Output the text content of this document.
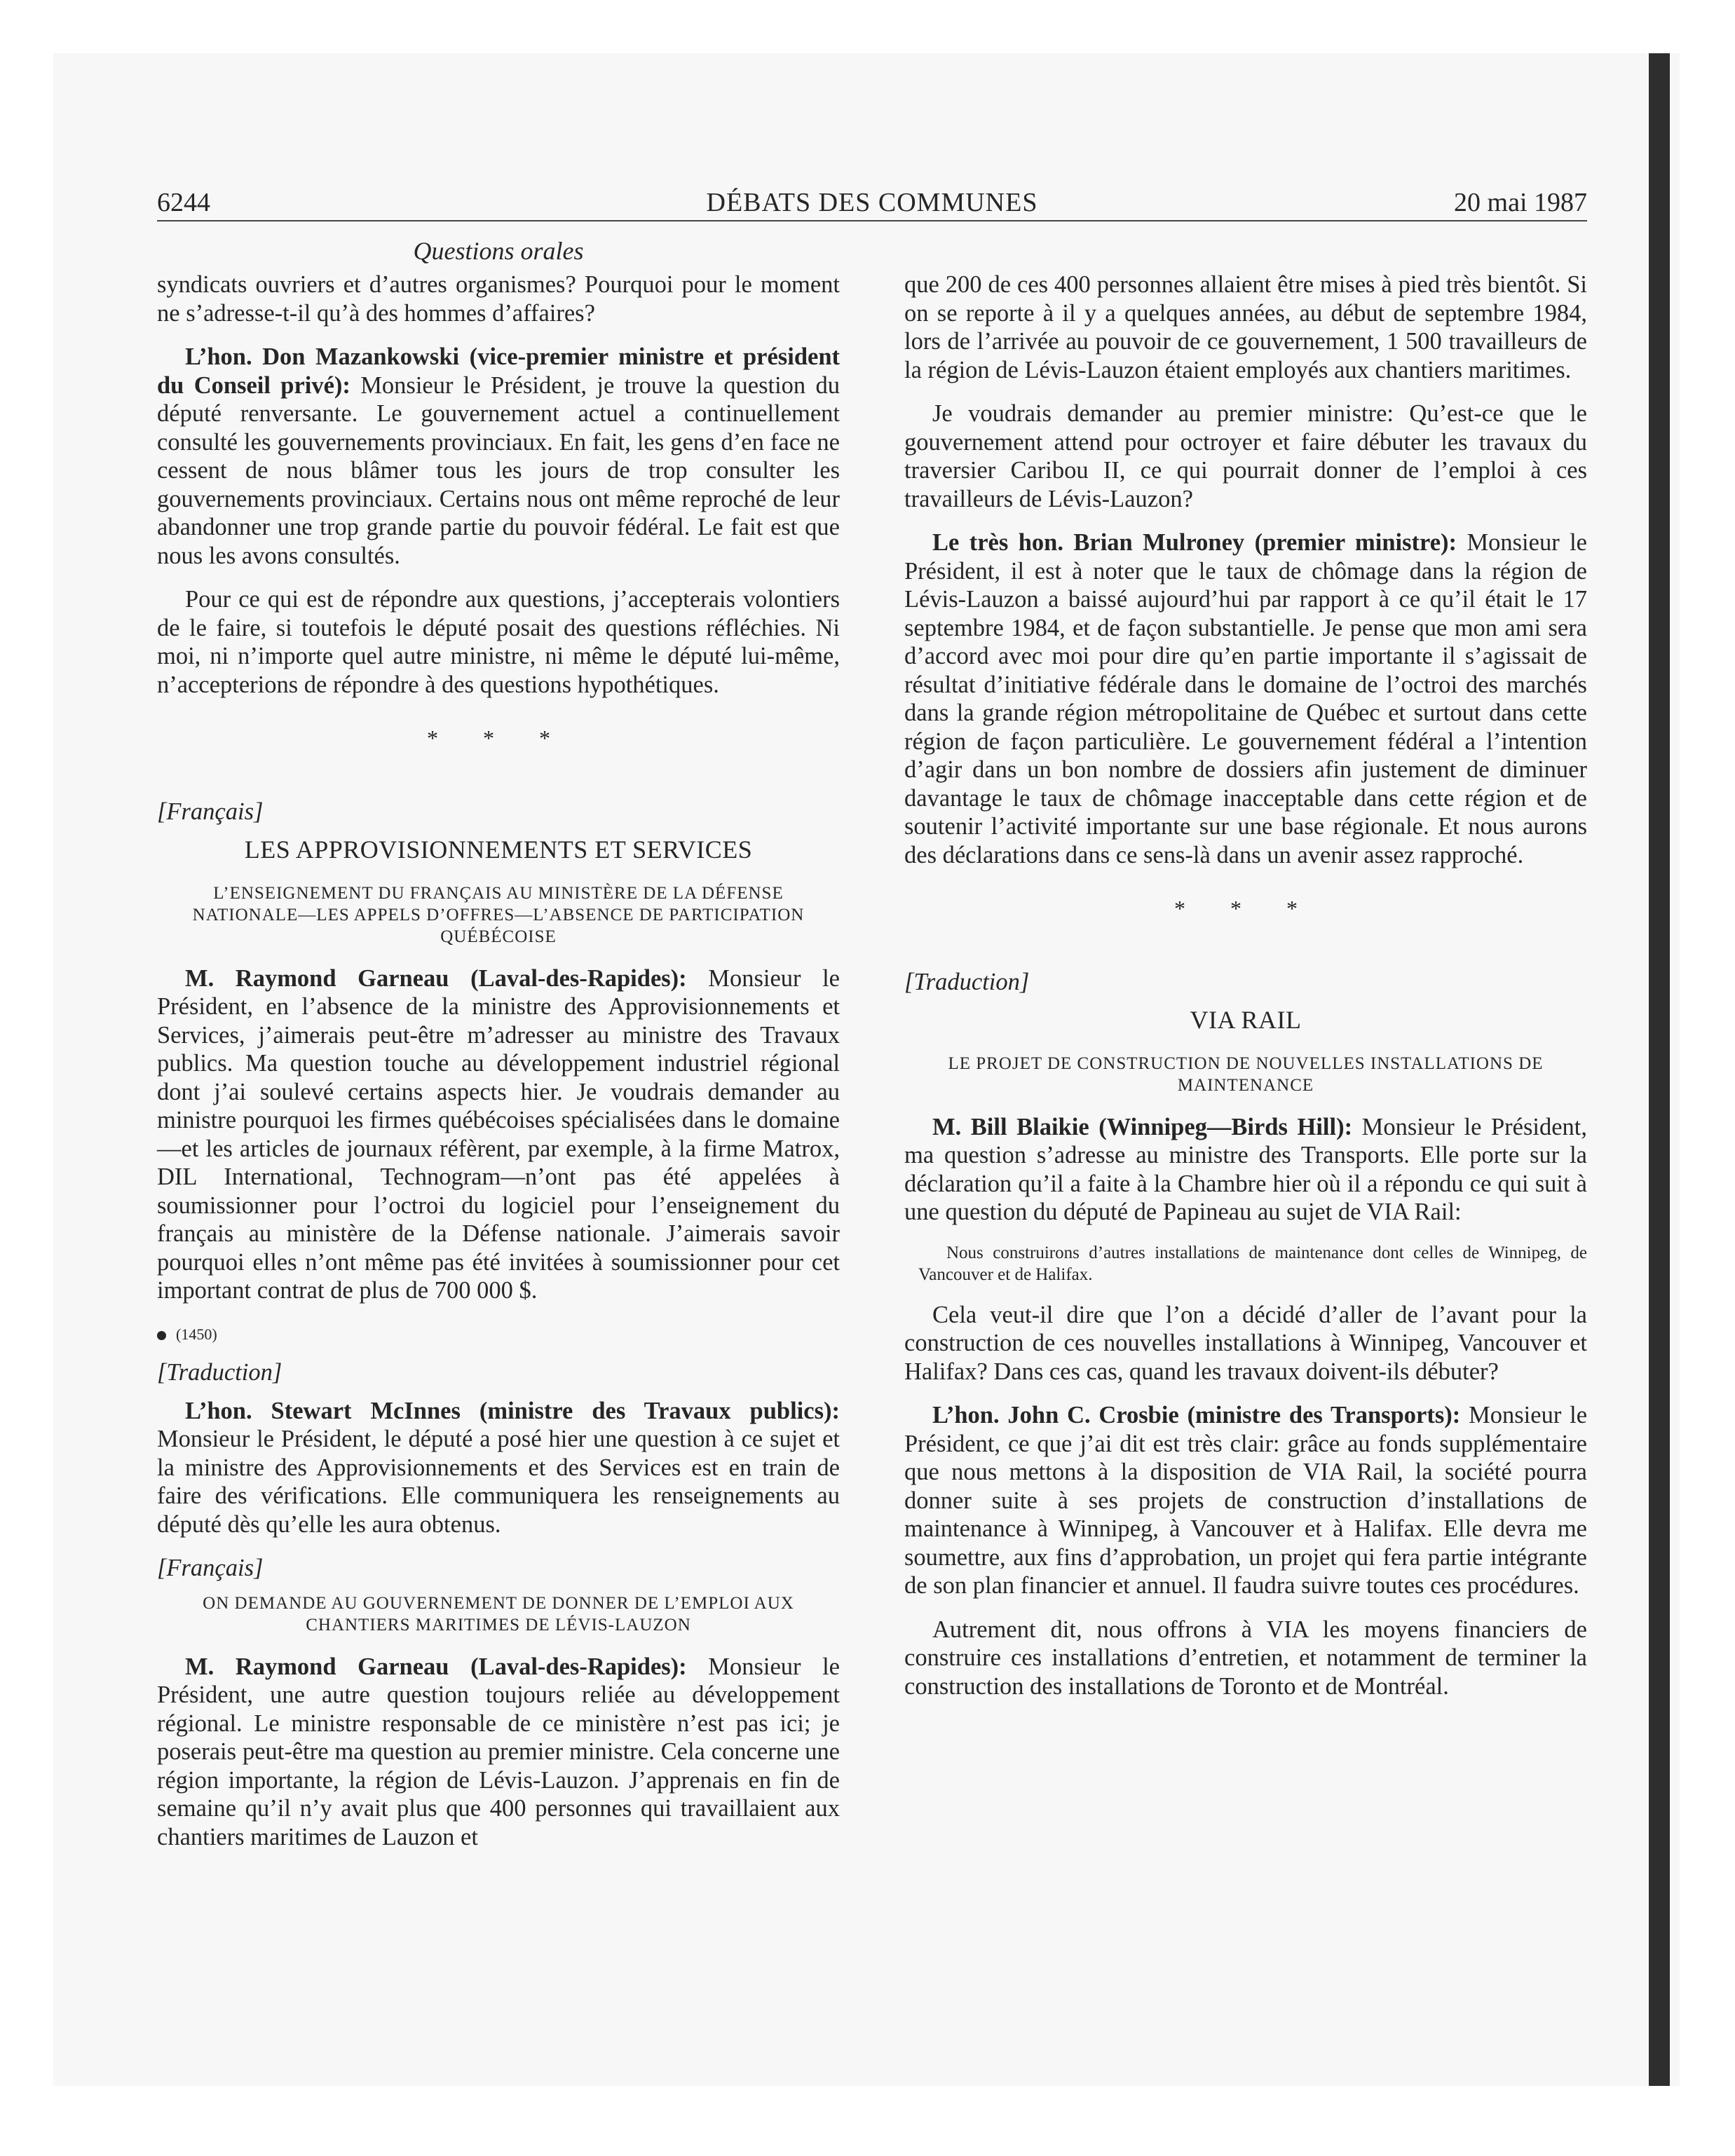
6244	DÉBATS DES COMMUNES	20 mai 1987
Questions orales

syndicats ouvriers et d’autres organismes? Pourquoi pour le moment ne s’adresse-t-il qu’à des hommes d’affaires?

L’hon. Don Mazankowski (vice-premier ministre et président du Conseil privé): Monsieur le Président, je trouve la question du député renversante. Le gouvernement actuel a continuellement consulté les gouvernements provinciaux. En fait, les gens d’en face ne cessent de nous blâmer tous les jours de trop consulter les gouvernements provinciaux. Certains nous ont même reproché de leur abandonner une trop grande partie du pouvoir fédéral. Le fait est que nous les avons consultés.

Pour ce qui est de répondre aux questions, j’accepterais volontiers de le faire, si toutefois le député posait des questions réfléchies. Ni moi, ni n’importe quel autre ministre, ni même le député lui-même, n’accepterions de répondre à des questions hypothétiques.

* * *
[Français]
LES APPROVISIONNEMENTS ET SERVICES
L’ENSEIGNEMENT DU FRANÇAIS AU MINISTÈRE DE LA DÉFENSE NATIONALE—LES APPELS D’OFFRES—L’ABSENCE DE PARTICIPATION QUÉBÉCOISE

M. Raymond Garneau (Laval-des-Rapides): Monsieur le Président, en l’absence de la ministre des Approvisionnements et Services, j’aimerais peut-être m’adresser au ministre des Travaux publics. Ma question touche au développement industriel régional dont j’ai soulevé certains aspects hier. Je voudrais demander au ministre pourquoi les firmes québécoises spécialisées dans le domaine—et les articles de journaux réfèrent, par exemple, à la firme Matrox, DIL International, Technogram—n’ont pas été appelées à soumissionner pour l’octroi du logiciel pour l’enseignement du français au ministère de la Défense nationale. J’aimerais savoir pourquoi elles n’ont même pas été invitées à soumissionner pour cet important contrat de plus de 700 000 $.

(1450)
[Traduction]

L’hon. Stewart McInnes (ministre des Travaux publics): Monsieur le Président, le député a posé hier une question à ce sujet et la ministre des Approvisionnements et des Services est en train de faire des vérifications. Elle communiquera les renseignements au député dès qu’elle les aura obtenus.

[Français]
ON DEMANDE AU GOUVERNEMENT DE DONNER DE L’EMPLOI AUX CHANTIERS MARITIMES DE LÉVIS-LAUZON

M. Raymond Garneau (Laval-des-Rapides): Monsieur le Président, une autre question toujours reliée au développement régional. Le ministre responsable de ce ministère n’est pas ici; je poserais peut-être ma question au premier ministre. Cela concerne une région importante, la région de Lévis-Lauzon. J’apprenais en fin de semaine qu’il n’y avait plus que 400 personnes qui travaillaient aux chantiers maritimes de Lauzon et

que 200 de ces 400 personnes allaient être mises à pied très bientôt. Si on se reporte à il y a quelques années, au début de septembre 1984, lors de l’arrivée au pouvoir de ce gouvernement, 1 500 travailleurs de la région de Lévis-Lauzon étaient employés aux chantiers maritimes.

Je voudrais demander au premier ministre: Qu’est-ce que le gouvernement attend pour octroyer et faire débuter les travaux du traversier Caribou II, ce qui pourrait donner de l’emploi à ces travailleurs de Lévis-Lauzon?

Le très hon. Brian Mulroney (premier ministre): Monsieur le Président, il est à noter que le taux de chômage dans la région de Lévis-Lauzon a baissé aujourd’hui par rapport à ce qu’il était le 17 septembre 1984, et de façon substantielle. Je pense que mon ami sera d’accord avec moi pour dire qu’en partie importante il s’agissait de résultat d’initiative fédérale dans le domaine de l’octroi des marchés dans la grande région métropolitaine de Québec et surtout dans cette région de façon particulière. Le gouvernement fédéral a l’intention d’agir dans un bon nombre de dossiers afin justement de diminuer davantage le taux de chômage inacceptable dans cette région et de soutenir l’activité importante sur une base régionale. Et nous aurons des déclarations dans ce sens-là dans un avenir assez rapproché.

* * *
[Traduction]
VIA RAIL
LE PROJET DE CONSTRUCTION DE NOUVELLES INSTALLATIONS DE MAINTENANCE

M. Bill Blaikie (Winnipeg—Birds Hill): Monsieur le Président, ma question s’adresse au ministre des Transports. Elle porte sur la déclaration qu’il a faite à la Chambre hier où il a répondu ce qui suit à une question du député de Papineau au sujet de VIA Rail:

Nous construirons d’autres installations de maintenance dont celles de Winnipeg, de Vancouver et de Halifax.

Cela veut-il dire que l’on a décidé d’aller de l’avant pour la construction de ces nouvelles installations à Winnipeg, Vancouver et Halifax? Dans ces cas, quand les travaux doivent-ils débuter?

L’hon. John C. Crosbie (ministre des Transports): Monsieur le Président, ce que j’ai dit est très clair: grâce au fonds supplémentaire que nous mettons à la disposition de VIA Rail, la société pourra donner suite à ses projets de construction d’installations de maintenance à Winnipeg, à Vancouver et à Halifax. Elle devra me soumettre, aux fins d’approbation, un projet qui fera partie intégrante de son plan financier et annuel. Il faudra suivre toutes ces procédures.

Autrement dit, nous offrons à VIA les moyens financiers de construire ces installations d’entretien, et notamment de terminer la construction des installations de Toronto et de Montréal.
